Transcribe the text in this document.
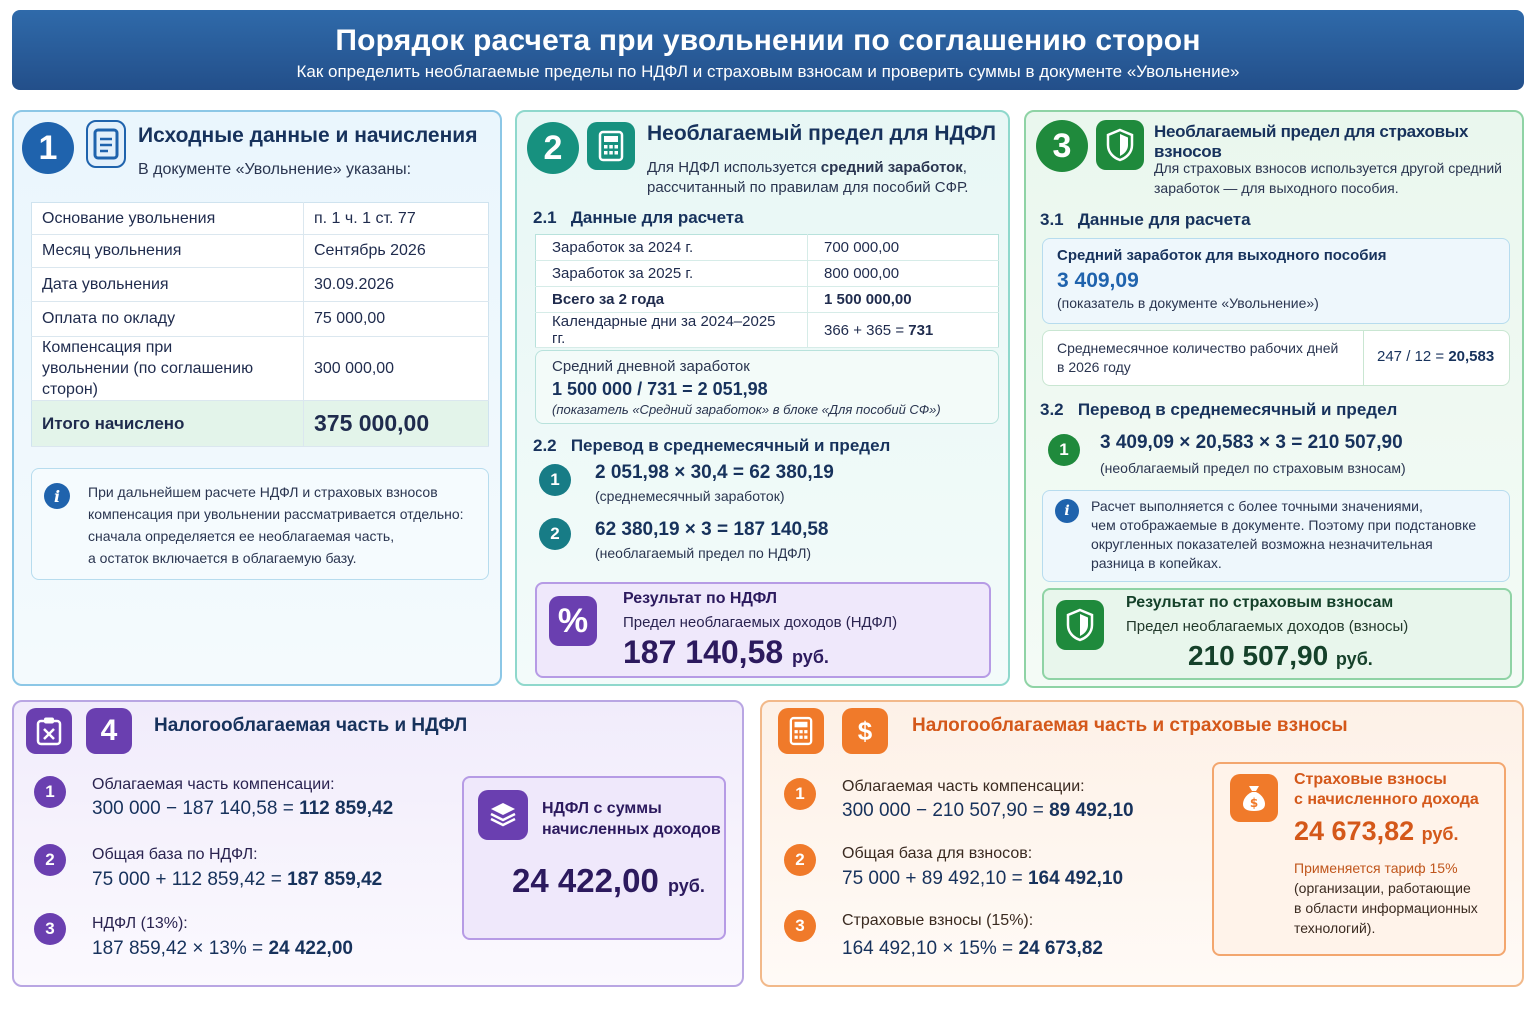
Порядок расчета при увольнении по соглашению сторон

Как определить необлагаемые пределы по НДФЛ и страховым взносам и проверить суммы в документе «Увольнение»

1	Исходные данные и начисления
В документе «Увольнение» указаны:
Основание увольнения	п. 1 ч. 1 ст. 77
Месяц увольнения	Сентябрь 2026
Дата увольнения	30.09.2026
Оплата по окладу	75 000,00
Компенсация при увольнении (по соглашению сторон)	300 000,00
Итого начислено	375 000,00
i	При дальнейшем расчете НДФЛ и страховых взносов
компенсация при увольнении рассматривается отдельно:
сначала определяется ее необлагаемая часть,
а остаток включается в облагаемую базу.
2	Необлагаемый предел для НДФЛ
Для НДФЛ используется средний заработок,
рассчитанный по правилам для пособий СФР.
2.1 Данные для расчета
Заработок за 2024 г.	700 000,00
Заработок за 2025 г.	800 000,00
Всего за 2 года	1 500 000,00
Календарные дни за 2024–2025 гг.	366 + 365 = 731
Средний дневной заработок
1 500 000 / 731 = 2 051,98
(показатель «Средний заработок» в блоке «Для пособий СФ»)
2.2 Перевод в среднемесячный и предел
1	2 051,98 × 30,4 = 62 380,19
(среднемесячный заработок)
2	62 380,19 × 3 = 187 140,58
(необлагаемый предел по НДФЛ)
%
Результат по НДФЛ
Предел необлагаемых доходов (НДФЛ)
187 140,58 руб.
3	Необлагаемый предел для страховых взносов
Для страховых взносов используется другой средний
заработок — для выходного пособия.
3.1 Данные для расчета
Средний заработок для выходного пособия
3 409,09
(показатель в документе «Увольнение»)
Среднемесячное количество рабочих дней
в 2026 году
247 / 12 = 20,583
3.2 Перевод в среднемесячный и предел
1	3 409,09 × 20,583 × 3 = 210 507,90
(необлагаемый предел по страховым взносам)
i	Расчет выполняется с более точными значениями,
чем отображаемые в документе. Поэтому при подстановке
округленных показателей возможна незначительная
разница в копейках.
Результат по страховым взносам
Предел необлагаемых доходов (взносы)
210 507,90 руб.
4	Налогооблагаемая часть и НДФЛ
1	Облагаемая часть компенсации:
300 000 − 187 140,58 = 112 859,42
2	Общая база по НДФЛ:
75 000 + 112 859,42 = 187 859,42
3	НДФЛ (13%):
187 859,42 × 13% = 24 422,00
НДФЛ с суммы
начисленных доходов
24 422,00 руб.
$	Налогооблагаемая часть и страховые взносы
1	Облагаемая часть компенсации:
300 000 − 210 507,90 = 89 492,10
2	Общая база для взносов:
75 000 + 89 492,10 = 164 492,10
3	Страховые взносы (15%):
164 492,10 × 15% = 24 673,82
$
Страховые взносы
с начисленного дохода
24 673,82 руб.
Применяется тариф 15%
(организации, работающие
в области информационных
технологий).
